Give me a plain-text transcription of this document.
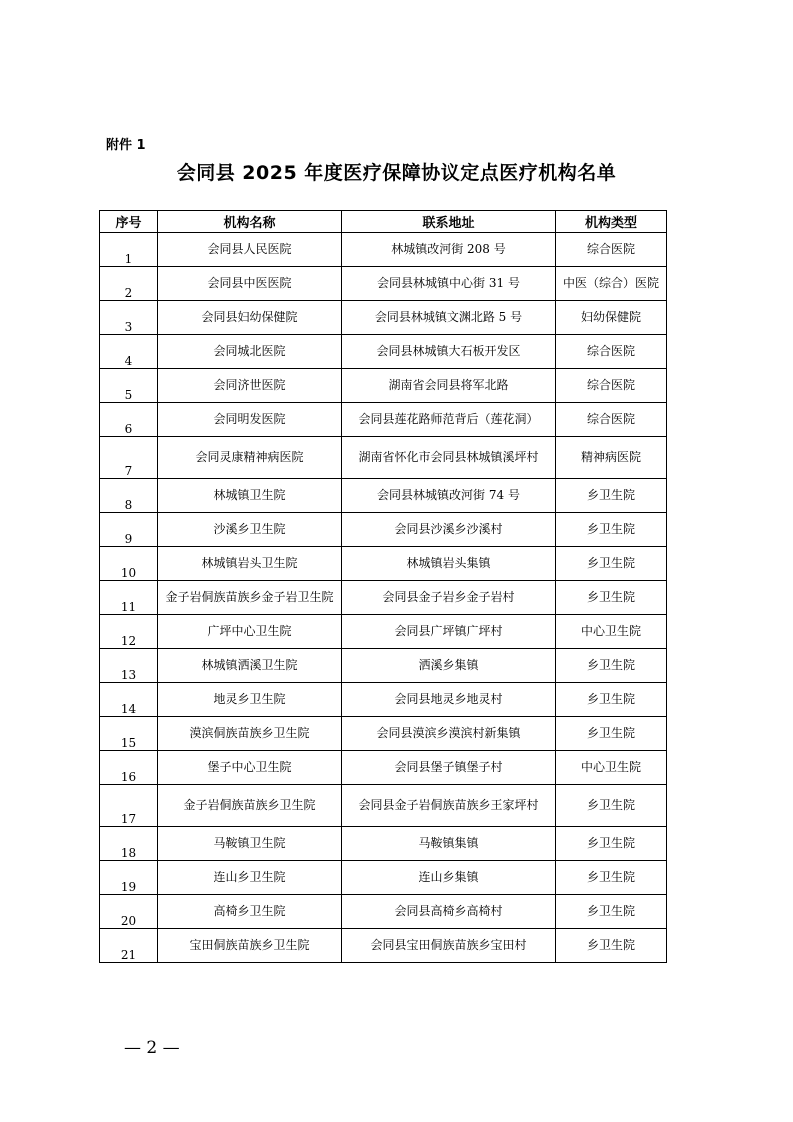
附件 1
会同县 2025 年度医疗保障协议定点医疗机构名单
序号	机构名称	联系地址	机构类型
1	会同县人民医院	林城镇改河街 208 号	综合医院
2	会同县中医医院	会同县林城镇中心街 31 号	中医（综合）医院
3	会同县妇幼保健院	会同县林城镇文渊北路 5 号	妇幼保健院
4	会同城北医院	会同县林城镇大石板开发区	综合医院
5	会同济世医院	湖南省会同县将军北路	综合医院
6	会同明发医院	会同县莲花路师范背后（莲花洞）	综合医院
7	会同灵康精神病医院	湖南省怀化市会同县林城镇溪坪村	精神病医院
8	林城镇卫生院	会同县林城镇改河街 74 号	乡卫生院
9	沙溪乡卫生院	会同县沙溪乡沙溪村	乡卫生院
10	林城镇岩头卫生院	林城镇岩头集镇	乡卫生院
11	金子岩侗族苗族乡金子岩卫生院	会同县金子岩乡金子岩村	乡卫生院
12	广坪中心卫生院	会同县广坪镇广坪村	中心卫生院
13	林城镇洒溪卫生院	洒溪乡集镇	乡卫生院
14	地灵乡卫生院	会同县地灵乡地灵村	乡卫生院
15	漠滨侗族苗族乡卫生院	会同县漠滨乡漠滨村新集镇	乡卫生院
16	堡子中心卫生院	会同县堡子镇堡子村	中心卫生院
17	金子岩侗族苗族乡卫生院	会同县金子岩侗族苗族乡王家坪村	乡卫生院
18	马鞍镇卫生院	马鞍镇集镇	乡卫生院
19	连山乡卫生院	连山乡集镇	乡卫生院
20	高椅乡卫生院	会同县高椅乡高椅村	乡卫生院
21	宝田侗族苗族乡卫生院	会同县宝田侗族苗族乡宝田村	乡卫生院
— 2 —
